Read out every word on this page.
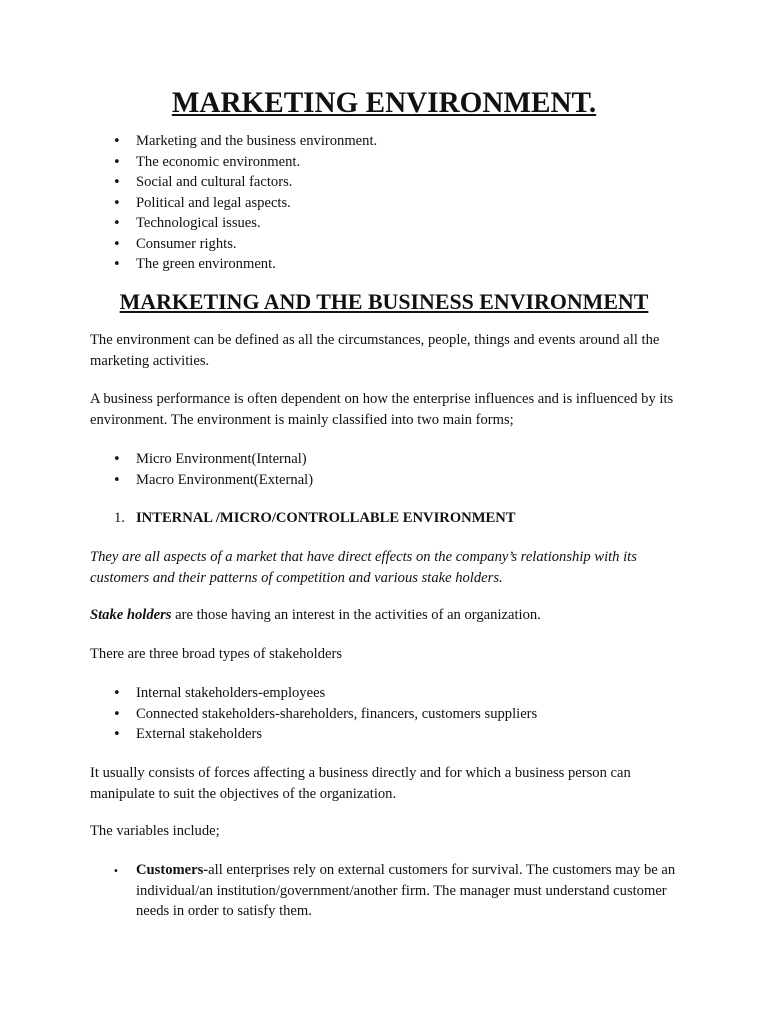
MARKETING ENVIRONMENT.
•
Marketing and the business environment.
•
The economic environment.
•
Social and cultural factors.
•
Political and legal aspects.
•
Technological issues.
•
Consumer rights.
•
The green environment.
MARKETING AND THE BUSINESS ENVIRONMENT

The environment can be defined as all the circumstances, people, things and events around all the marketing activities.

A business performance is often dependent on how the enterprise influences and is influenced by its environment. The environment is mainly classified into two main forms;

•
Micro Environment(Internal)
•
Macro Environment(External)
1. INTERNAL /MICRO/CONTROLLABLE ENVIRONMENT

They are all aspects of a market that have direct effects on the company’s relationship with its customers and their patterns of competition and various stake holders.

Stake holders are those having an interest in the activities of an organization.

There are three broad types of stakeholders

•
Internal stakeholders-employees
•
Connected stakeholders-shareholders, financers, customers suppliers
•
External stakeholders

It usually consists of forces affecting a business directly and for which a business person can manipulate to suit the objectives of the organization.

The variables include;

•
Customers-all enterprises rely on external customers for survival. The customers may be an individual/an institution/government/another firm. The manager must understand customer needs in order to satisfy them.
